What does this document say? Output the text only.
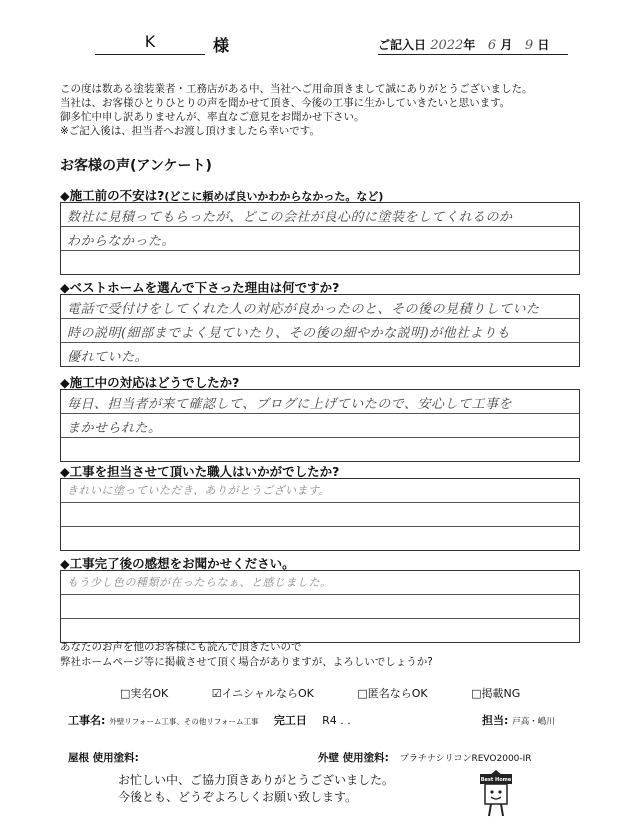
K	様	ご記入日 2022年 6 月 9 日
この度は数ある塗装業者・工務店がある中、当社へご用命頂きまして誠にありがとうございました。
当社は、お客様ひとりひとりの声を聞かせて頂き、今後の工事に生かしていきたいと思います。
御多忙中申し訳ありませんが、率直なご意見をお聞かせ下さい。
※ご記入後は、担当者へお渡し頂けましたら幸いです。
お客様の声(アンケート)
◆施工前の不安は?(どこに頼めば良いかわからなかった。など)
数社に見積ってもらったが、どこの会社が良心的に塗装をしてくれるのか
わからなかった。
◆ベストホームを選んで下さった理由は何ですか?
電話で受付けをしてくれた人の対応が良かったのと、その後の見積りしていた
時の説明(細部までよく見ていたり、その後の細やかな説明)が他社よりも
優れていた。
◆施工中の対応はどうでしたか?
毎日、担当者が来て確認して、ブログに上げていたので、安心して工事を
まかせられた。
◆工事を担当させて頂いた職人はいかがでしたか?
きれいに塗っていただき、ありがとうございます。
◆工事完了後の感想をお聞かせください。
もう少し色の種類が在ったらなぁ、と感じました。
あなたのお声を他のお客様にも読んで頂きたいので
弊社ホームページ等に掲載させて頂く場合がありますが、よろしいでしょうか?
□実名OK	☑イニシャルならOK	□匿名ならOK	□掲載NG
工事名: 外壁リフォーム工事、その他リフォーム工事 完工日 R4 . .	担当: 戸高・嶋川
屋根 使用塗料:	外壁 使用塗料: プラチナシリコンREVO2000-IR
お忙しい中、ご協力頂きありがとうございました。
今後とも、どうぞよろしくお願い致します。
Best Home
